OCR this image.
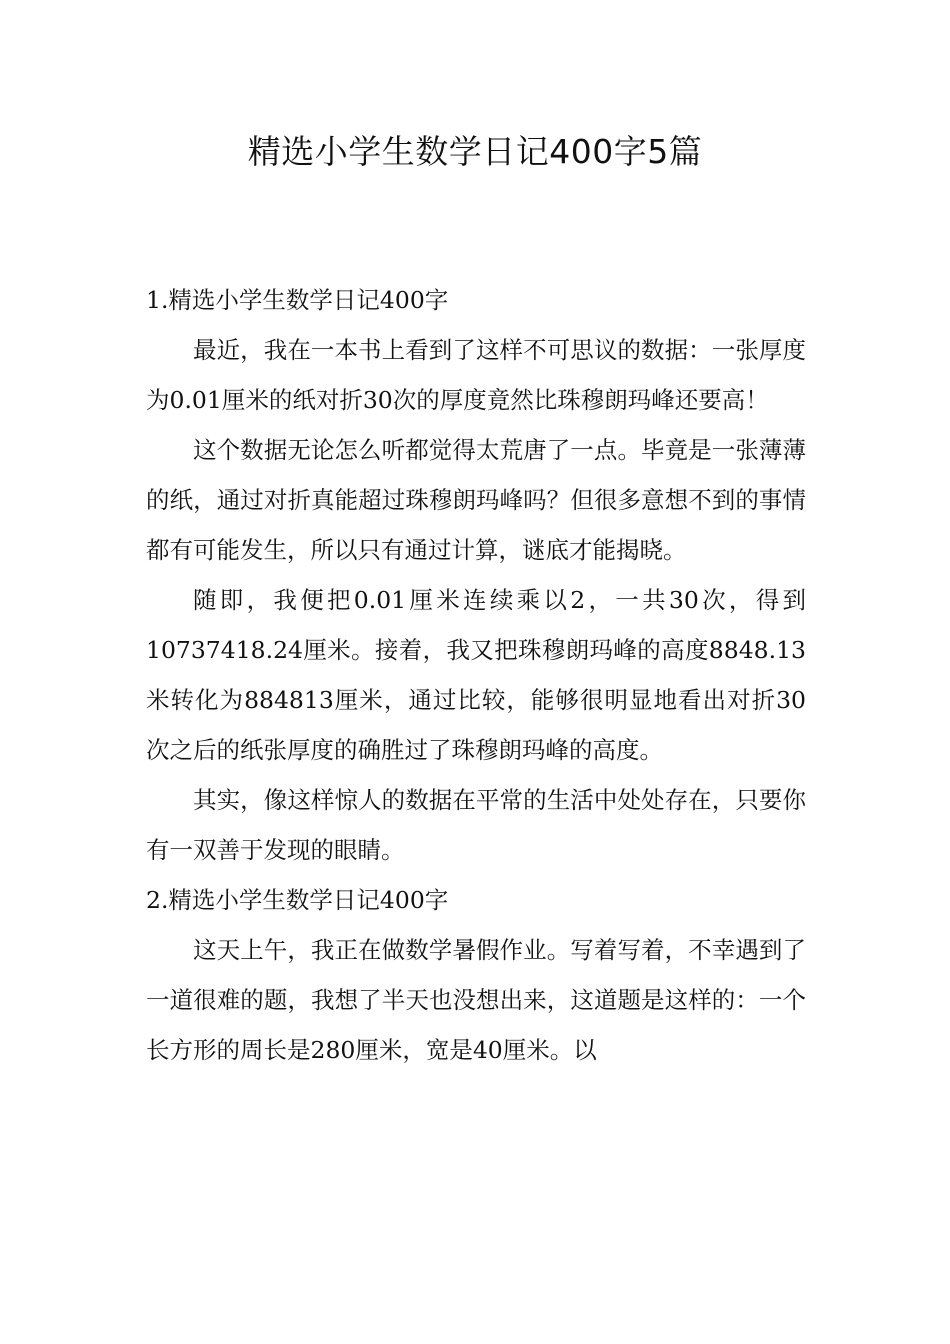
精选小学生数学日记400字5篇

1.精选小学生数学日记400字

最近，我在一本书上看到了这样不可思议的数据：一张厚度为0.01厘米的纸对折30次的厚度竟然比珠穆朗玛峰还要高！

这个数据无论怎么听都觉得太荒唐了一点。毕竟是一张薄薄的纸，通过对折真能超过珠穆朗玛峰吗？但很多意想不到的事情都有可能发生，所以只有通过计算，谜底才能揭晓。

随即，我便把0.01厘米连续乘以2，一共30次，得到10737418.24厘米。接着，我又把珠穆朗玛峰的高度8848.13米转化为884813厘米，通过比较，能够很明显地看出对折30次之后的纸张厚度的确胜过了珠穆朗玛峰的高度。

其实，像这样惊人的数据在平常的生活中处处存在，只要你有一双善于发现的眼睛。

2.精选小学生数学日记400字

这天上午，我正在做数学暑假作业。写着写着，不幸遇到了一道很难的题，我想了半天也没想出来，这道题是这样的：一个长方形的周长是280厘米，宽是40厘米。以
